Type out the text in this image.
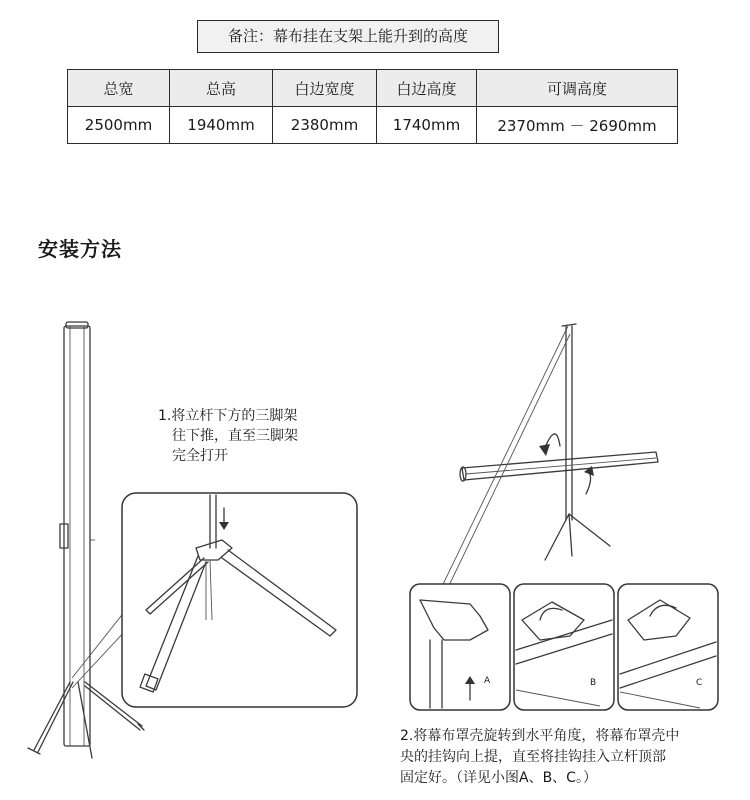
备注：幕布挂在支架上能升到的高度
总宽	总高	白边宽度	白边高度	可调高度
2500mm	1940mm	2380mm	1740mm	2370mm － 2690mm
安装方法
A	B	C
1.将立杆下方的三脚架
往下推，直至三脚架
完全打开
2.将幕布罩壳旋转到水平角度，将幕布罩壳中
央的挂钩向上提，直至将挂钩挂入立杆顶部
固定好。（详见小图A、B、C。）
